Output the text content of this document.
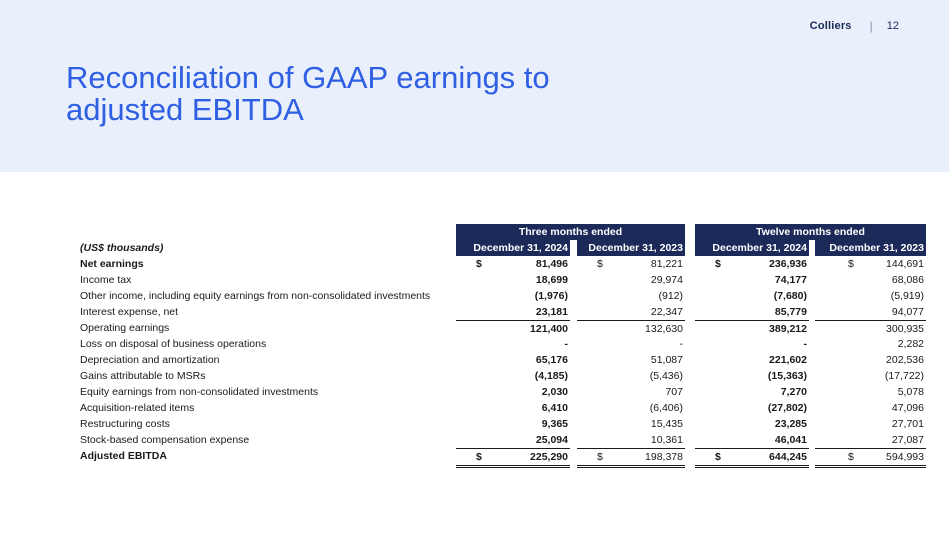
Colliers | 12
Reconciliation of GAAP earnings to
adjusted EBITDA
Three months ended	Twelve months ended
(US$ thousands)	December 31, 2024	December 31, 2023	December 31, 2024	December 31, 2023
Net earnings	$	81,496	$	81,221	$	236,936	$	144,691
Income tax	18,699	29,974	74,177	68,086
Other income, including equity earnings from non-consolidated investments	(1,976)	(912)	(7,680)	(5,919)
Interest expense, net	23,181	22,347	85,779	94,077
Operating earnings	121,400	132,630	389,212	300,935
Loss on disposal of business operations	-	-	-	2,282
Depreciation and amortization	65,176	51,087	221,602	202,536
Gains attributable to MSRs	(4,185)	(5,436)	(15,363)	(17,722)
Equity earnings from non-consolidated investments	2,030	707	7,270	5,078
Acquisition-related items	6,410	(6,406)	(27,802)	47,096
Restructuring costs	9,365	15,435	23,285	27,701
Stock-based compensation expense	25,094	10,361	46,041	27,087
Adjusted EBITDA	$	225,290	$	198,378	$	644,245	$	594,993
